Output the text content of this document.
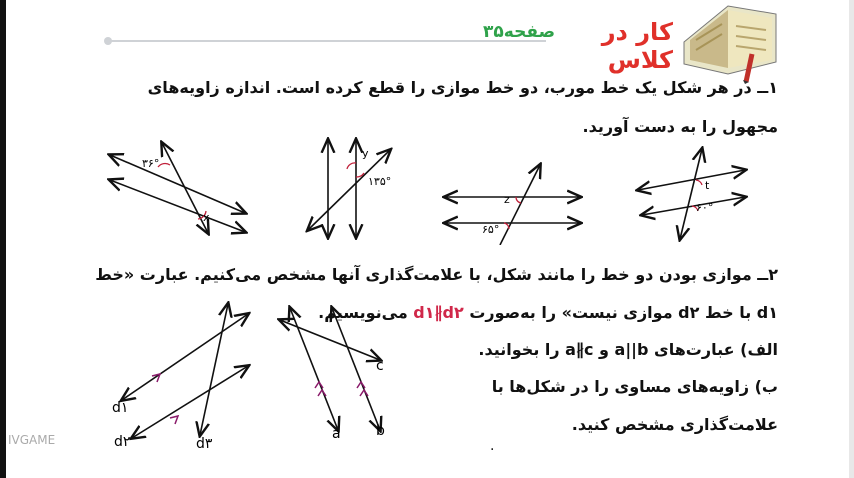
صفحه۳۵	کار در کلاس
۱ــ در هر شکل یک خط مورب، دو خط موازی را قطع کرده است. اندازه زاویه‌های
مجهول را به دست آورید.
۳۶°
x
y
۱۳۵°
z
۶۵°
t
۶۰°
۲ــ موازی بودن دو خط را مانند شکل، با علامت‌گذاری آنها مشخص می‌کنیم. عبارت «خط
d۱ با خط d۲ موازی نیست» را به‌صورت d۱∦d۲ می‌نویسیم.
الف) عبارت‌های a||b و a∦c را بخوانید.
ب) زاویه‌های مساوی را در شکل‌ها با
علامت‌گذاری مشخص کنید.
d۱
d۲	d۳
a	b
c
.
IVGAME
